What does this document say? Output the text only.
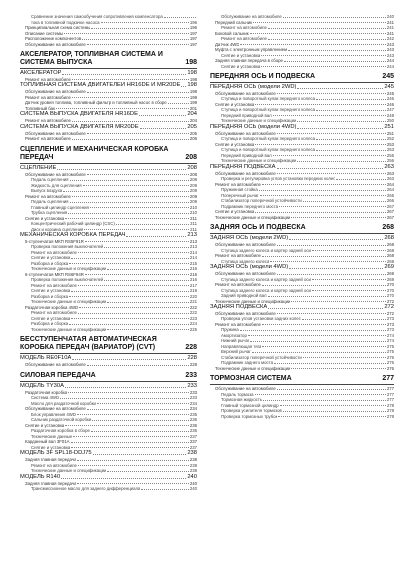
Сравнение значения самообучения сопротивления компенсатора
тока в топливной подкачке насоса	196
Принципиальная схема системы	196
Описание системы	197
Расположение компонентов	197
Обслуживание на автомобиле	197
АКСЕЛЕРАТОР, ТОПЛИВНАЯ СИСТЕМА И СИСТЕМА ВЫПУСКА	198
АКСЕЛЕРАТОР	198
Ремонт на автомобиле	198
ТОПЛИВНАЯ СИСТЕМА ДВИГАТЕЛЕЙ HR16DE И MR20DE 198
Обслуживание на автомобиле	198
Ремонт на автомобиле	199
Датчик уровня топлива, топливный фильтр и топливный насос в сборе	199
Топливный бак	201
СИСТЕМА ВЫПУСКА ДВИГАТЕЛЯ HR16DE	204
Ремонт на автомобиле	204
СИСТЕМА ВЫПУСКА ДВИГАТЕЛЯ MR20DE	205
Обслуживание на автомобиле	205
Ремонт на автомобиле	206
СЦЕПЛЕНИЕ И МЕХАНИЧЕСКАЯ КОРОБКА ПЕРЕДАЧ	208
СЦЕПЛЕНИЕ	208
Обслуживание на автомобиле	208
Педаль сцепления	208
Жидкость для сцепления	209
Выпуск воздуха	209
Ремонт на автомобиле	209
Педаль сцепления	209
Главный цилиндр сцепления	210
Трубка сцепления	210
Снятие и установка	211
Концентрический рабочий цилиндр (CSC)	211
Диск и корзина сцепления	211
МЕХАНИЧЕСКАЯ КОРОБКА ПЕРЕДАЧ	213
5-ступенчатая МКП RS5F91R	213
Проверка положения выключателей	213
Ремонт на автомобиле	214
Снятие и установка	214
Разборка и сборка	215
Технические данные и спецификации	216
6-ступенчатая МКП RS6F94R	216
Проверка положения выключателей	216
Ремонт на автомобиле	217
Снятие и установка	219
Разборка и сборка	220
Технические данные и спецификации	221
Раздаточная коробка 4WD	222
Ремонт на автомобиле	222
Снятие и установка	223
Разборка и сборка	224
Технические данные и спецификации	225
БЕССТУПЕНЧАТАЯ АВТОМАТИЧЕСКАЯ КОРОБКА ПЕРЕДАЧ (ВАРИАТОР) (CVT)	228
МОДЕЛЬ RE0F10A	228
Обслуживание на автомобиле	228
СИЛОВАЯ ПЕРЕДАЧА	233
МОДЕЛЬ TY30A	233
Раздаточная коробка	233
Система 4WD	233
Масло для раздаточной коробки	234
Обслуживание на автомобиле	234
Блок управления 4WD	235
Сальник раздаточной коробки	236
Снятие и установка	236
Раздаточная коробка в сборе	236
Технические данные	237
Карданный вал 3F01A	237
Снятие и установка	237
МОДЕЛЬ 3F SPL18-DDJ75	238
Задняя главная передача	238
Ремонт на автомобиле	238
Технические данные и спецификации	239
МОДЕЛЬ R140	240
Задняя главная передача	240
Трансмиссионное масло для заднего дифференциала	240
Обслуживание на автомобиле	240
Передний сальник	241
Ремонт на автомобиле	241
Боковой сальник	241
Ремонт на автомобиле	242
Датчик 4WD	243
Муфта с электронным управлением	243
Снятие и установка	243
Задняя главная передача в сборе	244
Снятие и установка	244
ПЕРЕДНЯЯ ОСЬ И ПОДВЕСКА	245
ПЕРЕДНЯЯ ОСЬ (модели 2WD)	245
Обслуживание на автомобиле	245
Ступица и поворотный кулак переднего колеса	246
Снятие и установка	246
Ступица и поворотный кулак переднего колеса	247
Передний приводной вал	248
Технические данные и спецификации	250
ПЕРЕДНЯЯ ОСЬ (модели 4WD)	251
Обслуживание на автомобиле	251
Ступица и поворотный кулак переднего колеса	252
Снятие и установка	253
Ступица и поворотный кулак переднего колеса	253
Передний приводной вал	255
Технические данные и спецификации	256
ПЕРЕДНЯЯ ПОДВЕСКА	263
Обслуживание на автомобиле	263
Проверка и регулировка углов установки передних колес	263
Ремонт на автомобиле	264
Пружинная стойка	264
Поперечный рычаг	265
Стабилизатор поперечной устойчивости	266
Подрамник переднего моста	267
Снятие и установка	267
Технические данные и спецификации	267
ЗАДНЯЯ ОСЬ И ПОДВЕСКА	268
ЗАДНЯЯ ОСЬ (модели 2WD)	268
Обслуживание на автомобиле	268
Ступица заднего колеса и картер задней оси	268
Ремонт на автомобиле	268
Ступица заднего колеса	269
ЗАДНЯЯ ОСЬ (модели 4WD)	269
Обслуживание на автомобиле	269
Ступица заднего колеса и картер задней оси	269
Ремонт на автомобиле	270
Ступица заднего колеса и картер задней оси	270
Задний приводной вал	270
Технические данные и спецификации	272
ЗАДНЯЯ ПОДВЕСКА	272
Обслуживание на автомобиле	272
Проверка углов установки задних колес	273
Ремонт на автомобиле	273
Пружина	273
Амортизатор	274
Нижний рычаг	274
Направляющая тяга	275
Верхний рычаг	275
Стабилизатор поперечной устойчивости	276
Подрамник заднего моста	276
Технические данные и спецификации	276
ТОРМОЗНАЯ СИСТЕМА	277
Обслуживание на автомобиле	277
Педаль тормоза	277
Тормозная жидкость	277
Главный тормозной цилиндр	278
Проверка усилителя тормозов	278
Проверка тормозных трубок	278
